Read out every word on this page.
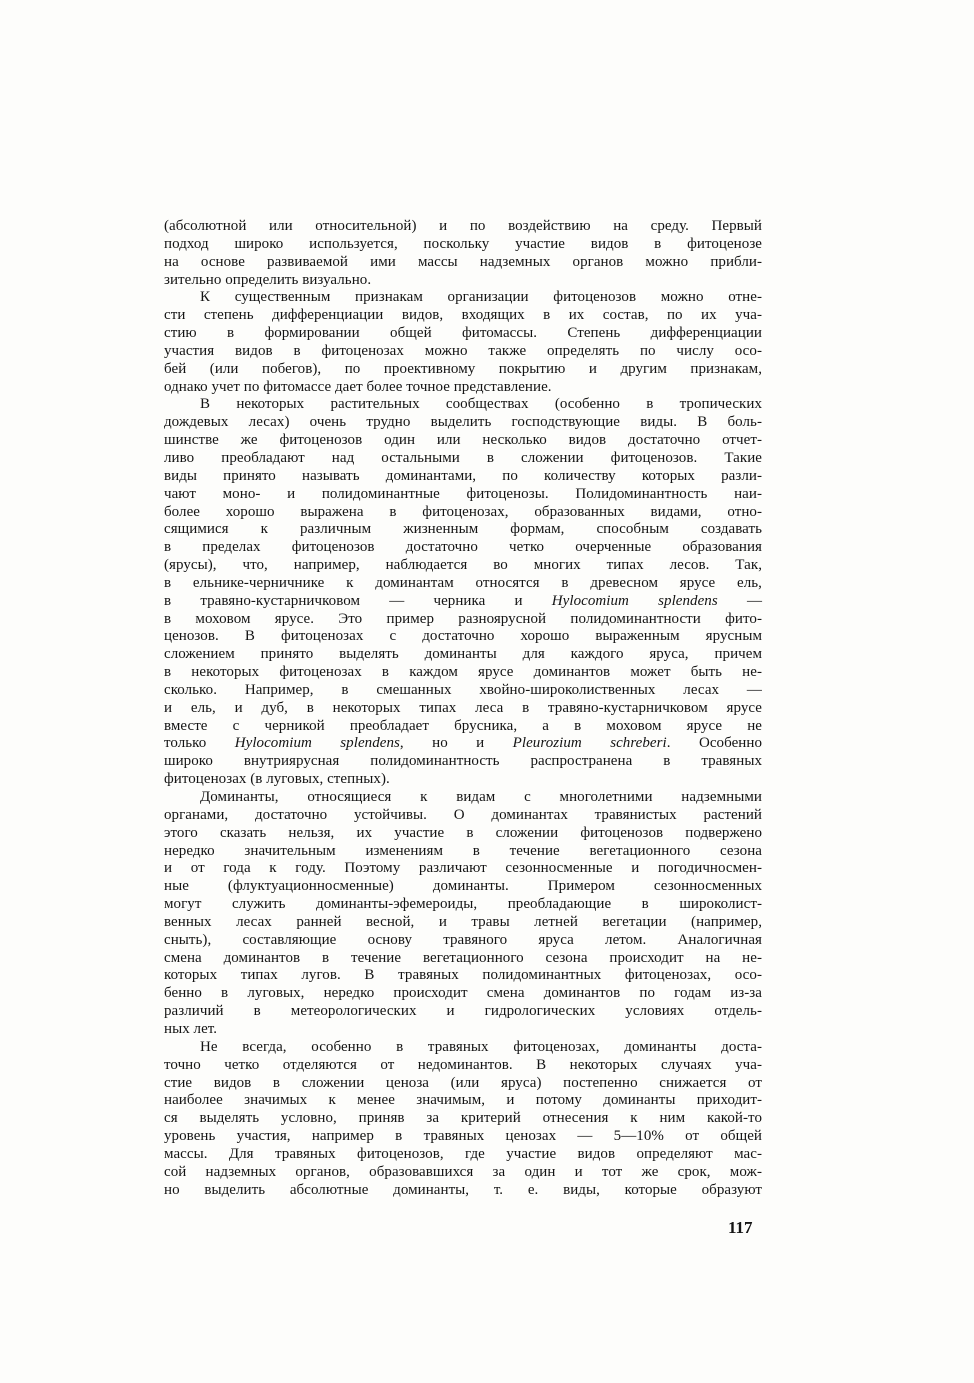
(абсолютной или относительной) и по воздействию на среду. Первый
подход широко используется, поскольку участие видов в фитоценозе
на основе развиваемой ими массы надземных органов можно прибли-
зительно определить визуально.
К существенным признакам организации фитоценозов можно отне-
сти степень дифференциации видов, входящих в их состав, по их уча-
стию в формировании общей фитомассы. Степень дифференциации
участия видов в фитоценозах можно также определять по числу осо-
бей (или побегов), по проективному покрытию и другим признакам,
однако учет по фитомассе дает более точное представление.
В некоторых растительных сообществах (особенно в тропических
дождевых лесах) очень трудно выделить господствующие виды. В боль-
шинстве же фитоценозов один или несколько видов достаточно отчет-
ливо преобладают над остальными в сложении фитоценозов. Такие
виды принято называть доминантами, по количеству которых разли-
чают моно- и полидоминантные фитоценозы. Полидоминантность наи-
более хорошо выражена в фитоценозах, образованных видами, отно-
сящимися к различным жизненным формам, способным создавать
в пределах фитоценозов достаточно четко очерченные образования
(ярусы), что, например, наблюдается во многих типах лесов. Так,
в ельнике-черничнике к доминантам относятся в древесном ярусе ель,
в травяно-кустарничковом — черника и Hylocomium splendens —
в моховом ярусе. Это пример разноярусной полидоминантности фито-
ценозов. В фитоценозах с достаточно хорошо выраженным ярусным
сложением принято выделять доминанты для каждого яруса, причем
в некоторых фитоценозах в каждом ярусе доминантов может быть не-
сколько. Например, в смешанных хвойно-широколиственных лесах —
и ель, и дуб, в некоторых типах леса в травяно-кустарничковом ярусе
вместе с черникой преобладает брусника, а в моховом ярусе не
только Hylocomium splendens, но и Pleurozium schreberi. Особенно
широко внутриярусная полидоминантность распространена в травяных
фитоценозах (в луговых, степных).
Доминанты, относящиеся к видам с многолетними надземными
органами, достаточно устойчивы. О доминантах травянистых растений
этого сказать нельзя, их участие в сложении фитоценозов подвержено
нередко значительным изменениям в течение вегетационного сезона
и от года к году. Поэтому различают сезонносменные и погодичносмен-
ные (флуктуационносменные) доминанты. Примером сезонносменных
могут служить доминанты-эфемероиды, преобладающие в широколист-
венных лесах ранней весной, и травы летней вегетации (например,
сныть), составляющие основу травяного яруса летом. Аналогичная
смена доминантов в течение вегетационного сезона происходит на не-
которых типах лугов. В травяных полидоминантных фитоценозах, осо-
бенно в луговых, нередко происходит смена доминантов по годам из-за
различий в метеорологических и гидрологических условиях отдель-
ных лет.
Не всегда, особенно в травяных фитоценозах, доминанты доста-
точно четко отделяются от недоминантов. В некоторых случаях уча-
стие видов в сложении ценоза (или яруса) постепенно снижается от
наиболее значимых к менее значимым, и потому доминанты приходит-
ся выделять условно, приняв за критерий отнесения к ним какой-то
уровень участия, например в травяных ценозах — 5—10% от общей
массы. Для травяных фитоценозов, где участие видов определяют мас-
сой надземных органов, образовавшихся за один и тот же срок, мож-
но выделить абсолютные доминанты, т. е. виды, которые образуют
117
